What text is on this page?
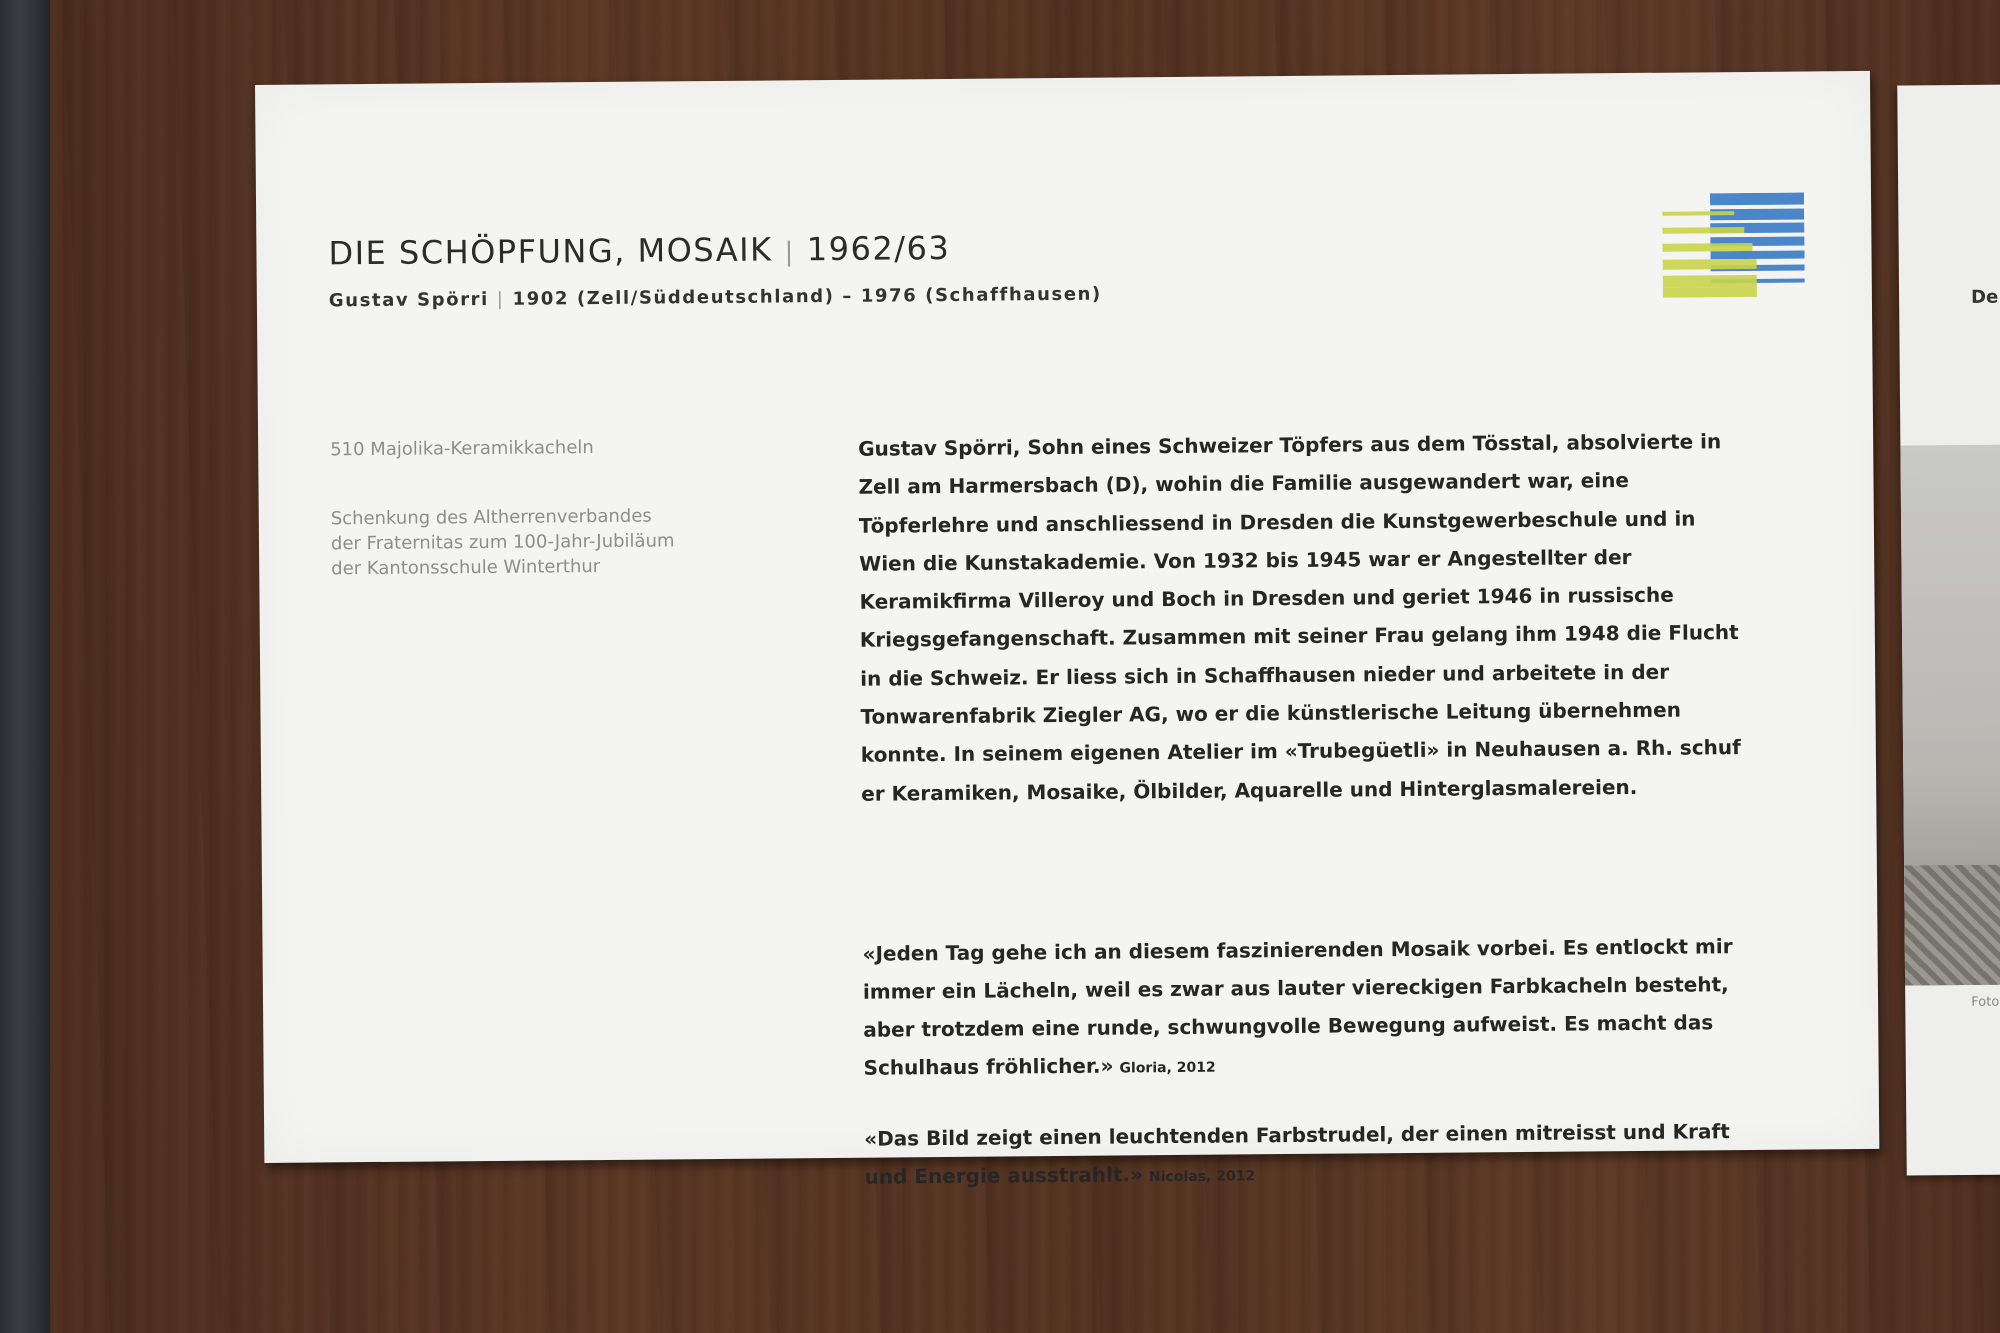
DIE SCHÖPFUNG, MOSAIK | 1962/63
Gustav Spörri | 1902 (Zell/Süddeutschland) – 1976 (Schaffhausen)
510 Majolika-Keramikkacheln
Schenkung des Altherrenverbandes
der Fraternitas zum 100-Jahr-Jubiläum
der Kantonsschule Winterthur
Gustav Spörri, Sohn eines Schweizer Töpfers aus dem Tösstal, absolvierte in Zell am Harmersbach (D), wohin die Familie ausgewandert war, eine Töpferlehre und anschliessend in Dresden die Kunstgewerbeschule und in Wien die Kunstakademie. Von 1932 bis 1945 war er Angestellter der Keramikfirma Villeroy und Boch in Dresden und geriet 1946 in russische Kriegsgefangenschaft. Zusammen mit seiner Frau gelang ihm 1948 die Flucht in die Schweiz. Er liess sich in Schaffhausen nieder und arbeitete in der Tonwarenfabrik Ziegler AG, wo er die künstlerische Leitung übernehmen konnte. In seinem eigenen Atelier im «Trubegüetli» in Neuhausen a. Rh. schuf er Keramiken, Mosaike, Ölbilder, Aquarelle und Hinterglasmalereien.
«Jeden Tag gehe ich an diesem faszinierenden Mosaik vorbei. Es entlockt mir immer ein Lächeln, weil es zwar aus lauter viereckigen Farbkacheln besteht, aber trotzdem eine runde, schwungvolle Bewegung aufweist. Es macht das Schulhaus fröhlicher.» Gloria, 2012
«Das Bild zeigt einen leuchtenden Farbstrudel, der einen mitreisst und Kraft und Energie ausstrahlt.» Nicolas, 2012
De
Foto
